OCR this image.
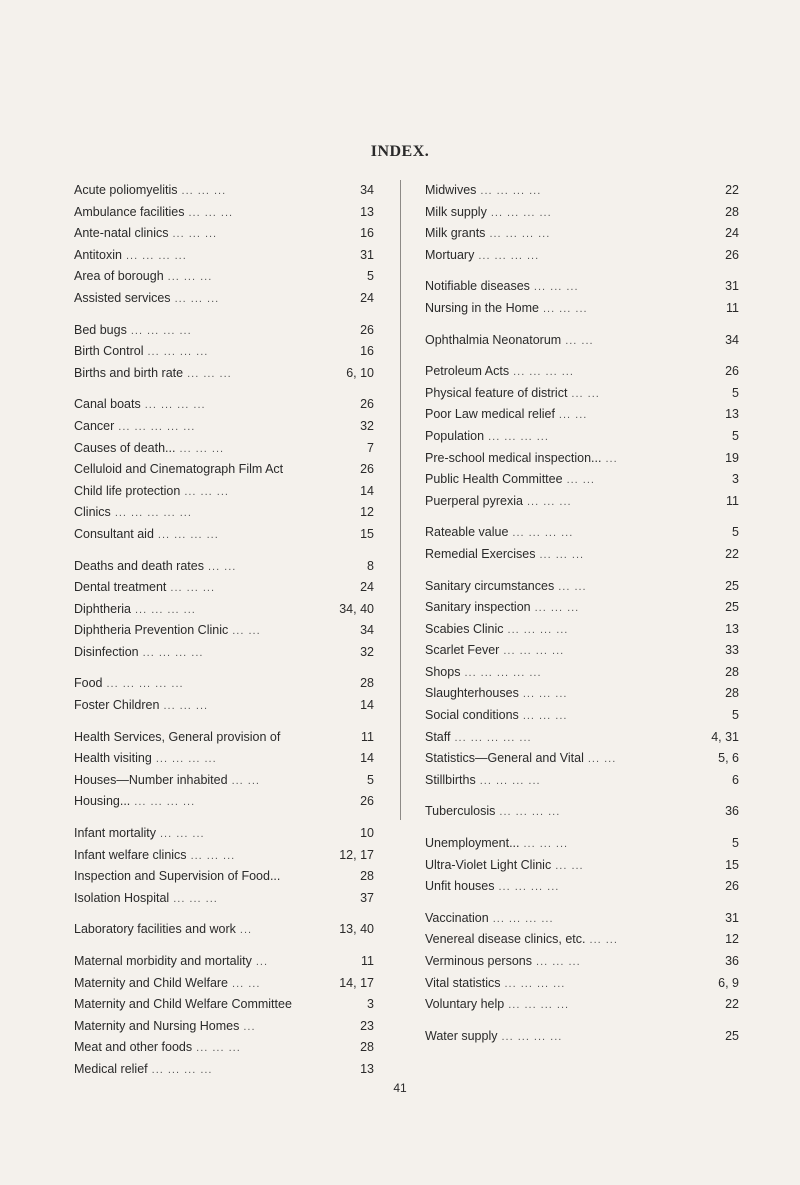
INDEX.
Acute poliomyelitis ... ... ...	34
Ambulance facilities ... ... ...	13
Ante-natal clinics ... ... ...	16
Antitoxin ... ... ... ...	31
Area of borough ... ... ...	5
Assisted services ... ... ...	24
Bed bugs ... ... ... ...	26
Birth Control ... ... ... ...	16
Births and birth rate ... ... ...	6, 10
Canal boats ... ... ... ...	26
Cancer ... ... ... ... ...	32
Causes of death... ... ... ...	7
Celluloid and Cinematograph Film Act	26
Child life protection ... ... ...	14
Clinics ... ... ... ... ...	12
Consultant aid ... ... ... ...	15
Deaths and death rates ... ...	8
Dental treatment ... ... ...	24
Diphtheria ... ... ... ...	34, 40
Diphtheria Prevention Clinic ... ...	34
Disinfection ... ... ... ...	32
Food ... ... ... ... ...	28
Foster Children ... ... ...	14
Health Services, General provision of	11
Health visiting ... ... ... ...	14
Houses—Number inhabited ... ...	5
Housing... ... ... ... ...	26
Infant mortality ... ... ...	10
Infant welfare clinics ... ... ...	12, 17
Inspection and Supervision of Food...	28
Isolation Hospital ... ... ...	37
Laboratory facilities and work ...	13, 40
Maternal morbidity and mortality ...	11
Maternity and Child Welfare ... ...	14, 17
Maternity and Child Welfare Committee	3
Maternity and Nursing Homes ...	23
Meat and other foods ... ... ...	28
Medical relief ... ... ... ...	13
Midwives ... ... ... ...	22
Milk supply ... ... ... ...	28
Milk grants ... ... ... ...	24
Mortuary ... ... ... ...	26
Notifiable diseases ... ... ...	31
Nursing in the Home ... ... ...	11
Ophthalmia Neonatorum ... ...	34
Petroleum Acts ... ... ... ...	26
Physical feature of district ... ...	5
Poor Law medical relief ... ...	13
Population ... ... ... ...	5
Pre-school medical inspection... ...	19
Public Health Committee ... ...	3
Puerperal pyrexia ... ... ...	11
Rateable value ... ... ... ...	5
Remedial Exercises ... ... ...	22
Sanitary circumstances ... ...	25
Sanitary inspection ... ... ...	25
Scabies Clinic ... ... ... ...	13
Scarlet Fever ... ... ... ...	33
Shops ... ... ... ... ...	28
Slaughterhouses ... ... ...	28
Social conditions ... ... ...	5
Staff ... ... ... ... ...	4, 31
Statistics—General and Vital ... ...	5, 6
Stillbirths ... ... ... ...	6
Tuberculosis ... ... ... ...	36
Unemployment... ... ... ...	5
Ultra-Violet Light Clinic ... ...	15
Unfit houses ... ... ... ...	26
Vaccination ... ... ... ...	31
Venereal disease clinics, etc. ... ...	12
Verminous persons ... ... ...	36
Vital statistics ... ... ... ...	6, 9
Voluntary help ... ... ... ...	22
Water supply ... ... ... ...	25
41
